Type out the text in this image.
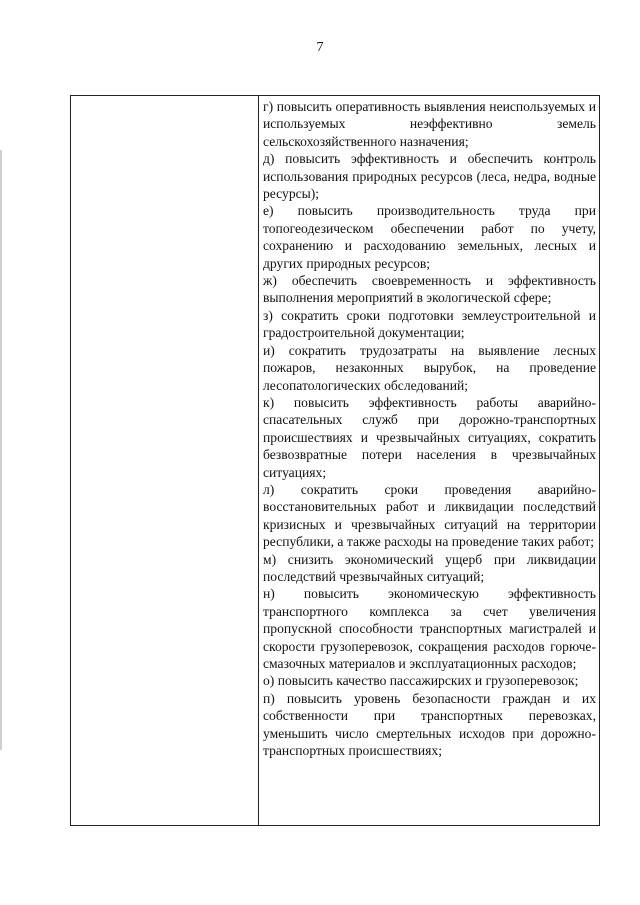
7

г) повысить оперативность выявления неиспользуемых и используемых неэффективно земель сельскохозяйственного назначения;

д) повысить эффективность и обеспечить контроль использования природных ресурсов (леса, недра, водные ресурсы);

е) повысить производительность труда при топогеодезическом обеспечении работ по учету, сохранению и расходованию земельных, лесных и других природных ресурсов;

ж) обеспечить своевременность и эффективность выполнения мероприятий в экологической сфере;

з) сократить сроки подготовки землеустроительной и градостроительной документации;

и) сократить трудозатраты на выявление лесных пожаров, незаконных вырубок, на проведение лесопатологических обследований;

к) повысить эффективность работы аварийно-спасательных служб при дорожно-транспортных происшествиях и чрезвычайных ситуациях, сократить безвозвратные потери населения в чрезвычайных ситуациях;

л) сократить сроки проведения аварийно-восстановительных работ и ликвидации последствий кризисных и чрезвычайных ситуаций на территории республики, а также расходы на проведение таких работ;

м) снизить экономический ущерб при ликвидации последствий чрезвычайных ситуаций;

н) повысить экономическую эффективность транспортного комплекса за счет увеличения пропускной способности транспортных магистралей и скорости грузоперевозок, сокращения расходов горюче-смазочных материалов и эксплуатационных расходов;

о) повысить качество пассажирских и грузоперевозок;

п) повысить уровень безопасности граждан и их собственности при транспортных перевозках, уменьшить число смертельных исходов при дорожно-транспортных происшествиях;
